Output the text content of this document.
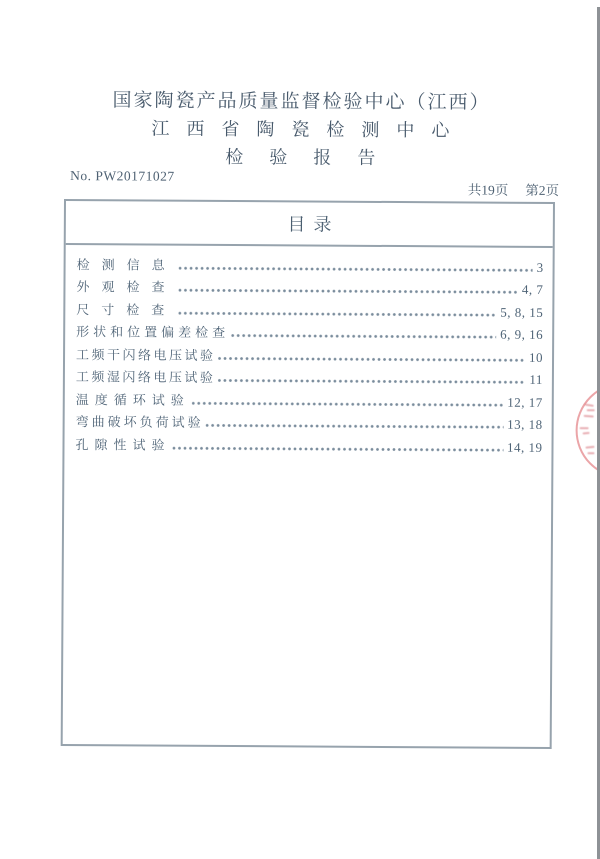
国家陶瓷产品质量监督检验中心（江西）
江西省陶瓷检测中心
检验报告
No. PW20171027
共19页 第2页
目录
检测信息	3
外观检查	4, 7
尺寸检查	5, 8, 15
形状和位置偏差检查	6, 9, 16
工频干闪络电压试验	10
工频湿闪络电压试验	11
温度循环试验	12, 17
弯曲破坏负荷试验	13, 18
孔隙性试验	14, 19
